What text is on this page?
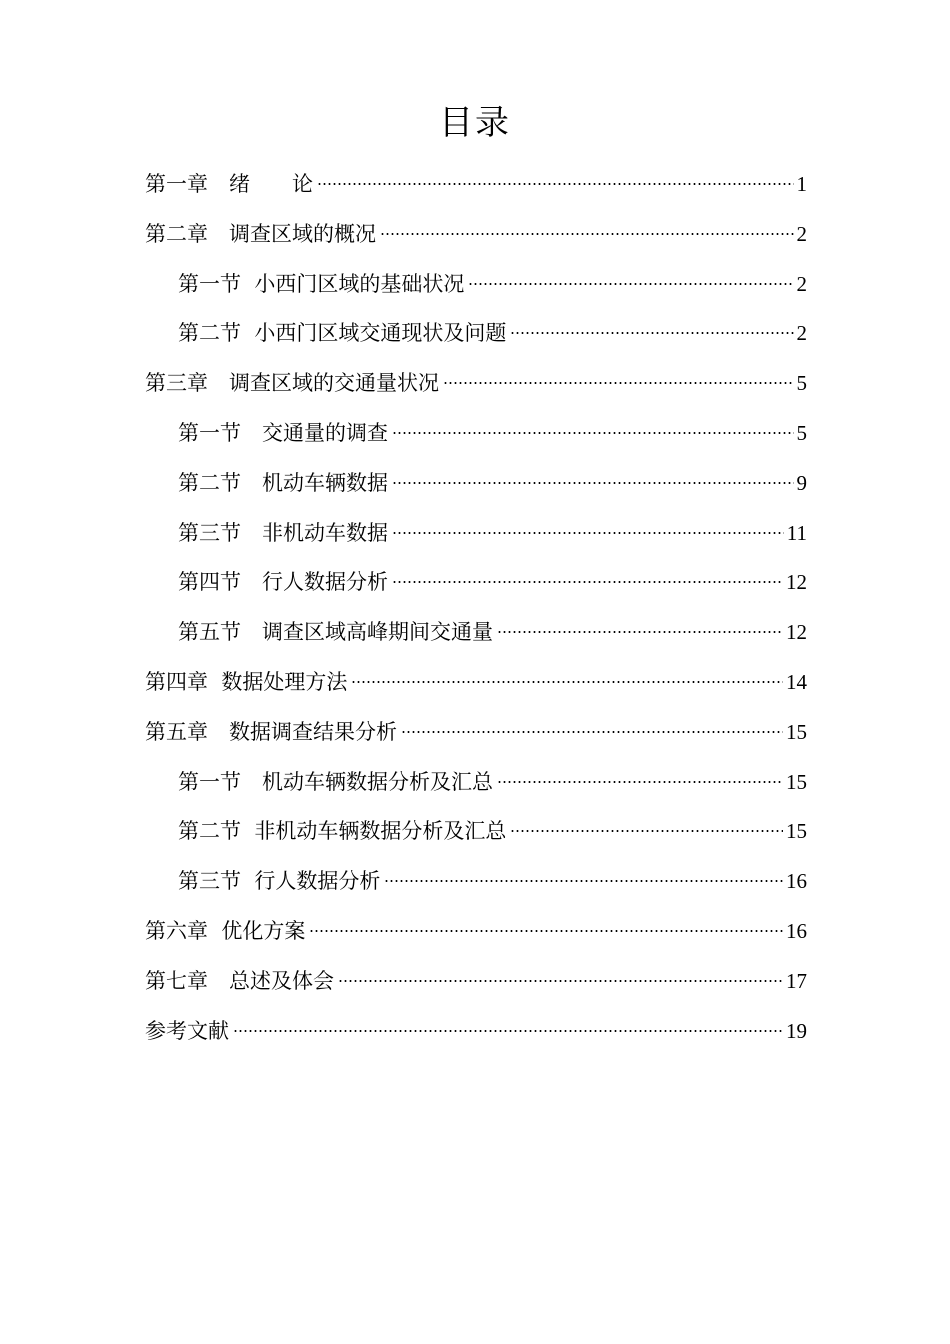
目录
第一章　绪　　论	1
第二章　调查区域的概况	2
第一节  小西门区域的基础状况	2
第二节  小西门区域交通现状及问题	2
第三章　调查区域的交通量状况	5
第一节　交通量的调查	5
第二节　机动车辆数据	9
第三节　非机动车数据	11
第四节　行人数据分析	12
第五节　调查区域高峰期间交通量	12
第四章  数据处理方法	14
第五章　数据调查结果分析	15
第一节　机动车辆数据分析及汇总	15
第二节  非机动车辆数据分析及汇总	15
第三节  行人数据分析	16
第六章  优化方案	16
第七章　总述及体会	17
参考文献	19
